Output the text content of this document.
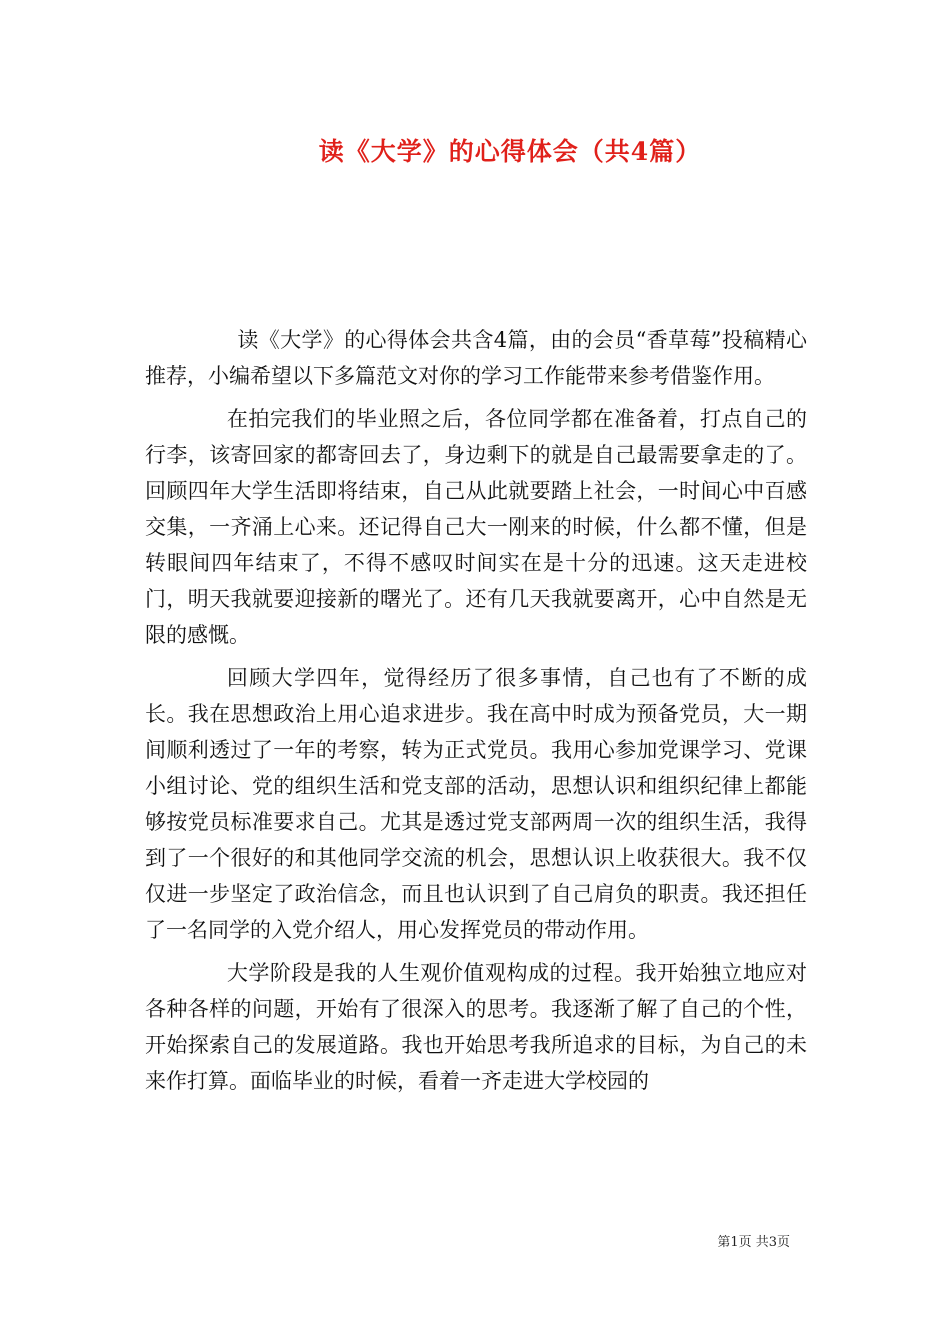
读《大学》的心得体会（共4篇）

读《大学》的心得体会共含4篇，由的会员“香草莓”投稿精心推荐，小编希望以下多篇范文对你的学习工作能带来参考借鉴作用。

在拍完我们的毕业照之后，各位同学都在准备着，打点自己的行李，该寄回家的都寄回去了，身边剩下的就是自己最需要拿走的了。回顾四年大学生活即将结束，自己从此就要踏上社会，一时间心中百感交集，一齐涌上心来。还记得自己大一刚来的时候，什么都不懂，但是转眼间四年结束了，不得不感叹时间实在是十分的迅速。这天走进校门，明天我就要迎接新的曙光了。还有几天我就要离开，心中自然是无限的感慨。

回顾大学四年，觉得经历了很多事情，自己也有了不断的成长。我在思想政治上用心追求进步。我在高中时成为预备党员，大一期间顺利透过了一年的考察，转为正式党员。我用心参加党课学习、党课小组讨论、党的组织生活和党支部的活动，思想认识和组织纪律上都能够按党员标准要求自己。尤其是透过党支部两周一次的组织生活，我得到了一个很好的和其他同学交流的机会，思想认识上收获很大。我不仅仅进一步坚定了政治信念，而且也认识到了自己肩负的职责。我还担任了一名同学的入党介绍人，用心发挥党员的带动作用。

大学阶段是我的人生观价值观构成的过程。我开始独立地应对各种各样的问题，开始有了很深入的思考。我逐渐了解了自己的个性，开始探索自己的发展道路。我也开始思考我所追求的目标，为自己的未来作打算。面临毕业的时候，看着一齐走进大学校园的

第1页 共3页
